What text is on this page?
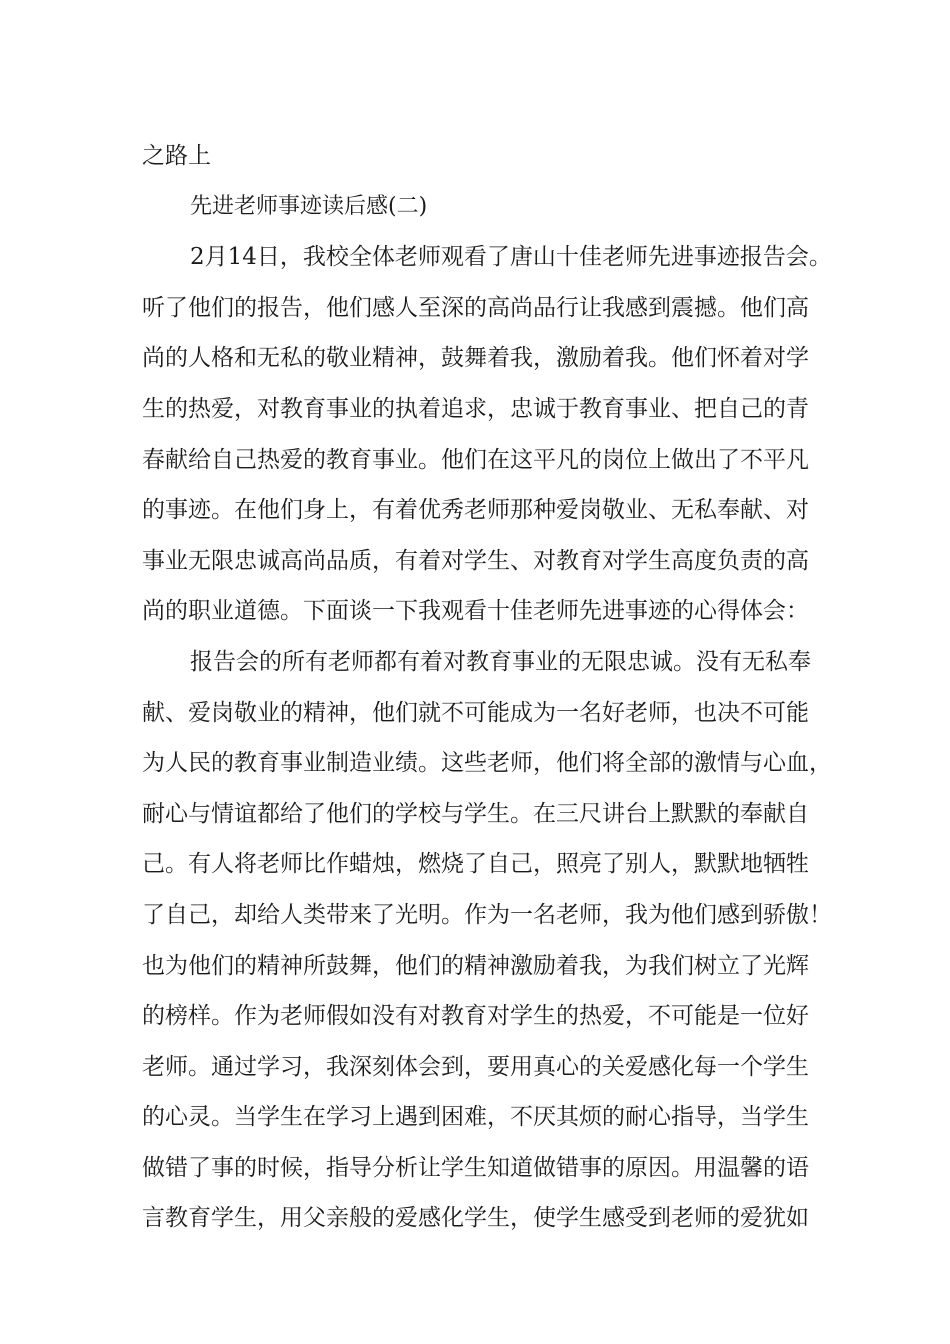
之路上
先进老师事迹读后感(二)
2月14日，我校全体老师观看了唐山十佳老师先进事迹报告会。
听了他们的报告，他们感人至深的高尚品行让我感到震撼。他们高
尚的人格和无私的敬业精神，鼓舞着我，激励着我。他们怀着对学
生的热爱，对教育事业的执着追求，忠诚于教育事业、把自己的青
春献给自己热爱的教育事业。他们在这平凡的岗位上做出了不平凡
的事迹。在他们身上，有着优秀老师那种爱岗敬业、无私奉献、对
事业无限忠诚高尚品质，有着对学生、对教育对学生高度负责的高
尚的职业道德。下面谈一下我观看十佳老师先进事迹的心得体会：
报告会的所有老师都有着对教育事业的无限忠诚。没有无私奉
献、爱岗敬业的精神，他们就不可能成为一名好老师，也决不可能
为人民的教育事业制造业绩。这些老师，他们将全部的激情与心血，
耐心与情谊都给了他们的学校与学生。在三尺讲台上默默的奉献自
己。有人将老师比作蜡烛，燃烧了自己，照亮了别人，默默地牺牲
了自己，却给人类带来了光明。作为一名老师，我为他们感到骄傲！
也为他们的精神所鼓舞，他们的精神激励着我，为我们树立了光辉
的榜样。作为老师假如没有对教育对学生的热爱，不可能是一位好
老师。通过学习，我深刻体会到，要用真心的关爱感化每一个学生
的心灵。当学生在学习上遇到困难，不厌其烦的耐心指导，当学生
做错了事的时候，指导分析让学生知道做错事的原因。用温馨的语
言教育学生，用父亲般的爱感化学生，使学生感受到老师的爱犹如
